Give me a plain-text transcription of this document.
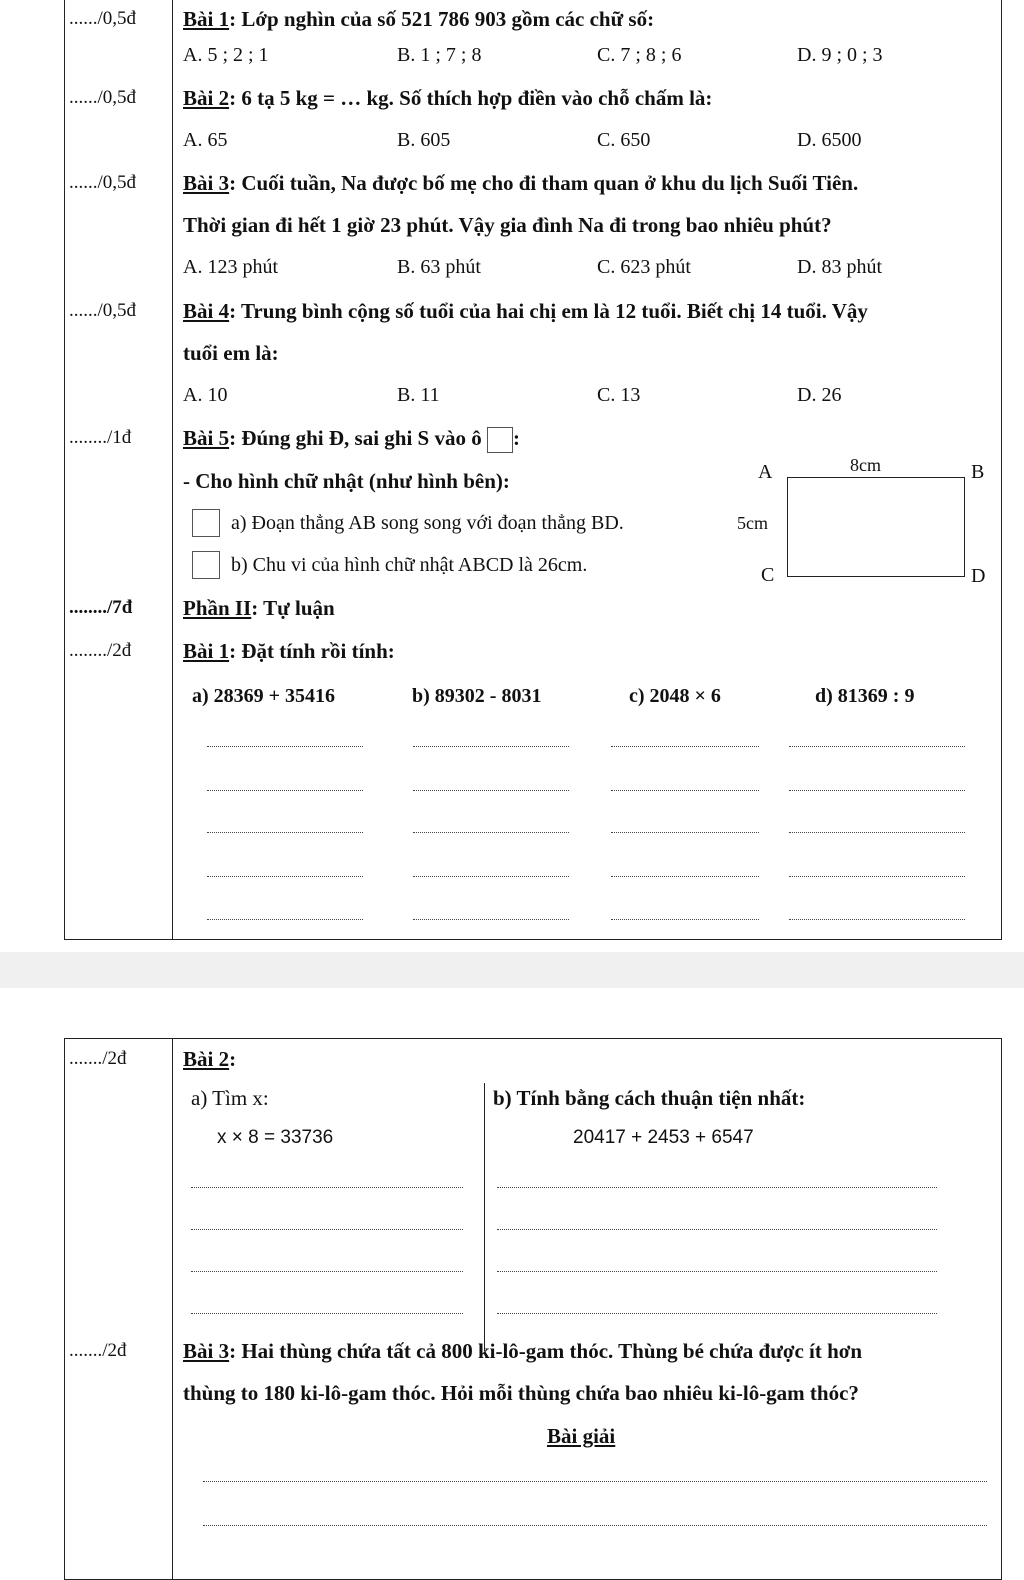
....../0,5đ	Bài 1: Lớp nghìn của số 521 786 903 gồm các chữ số:
A. 5 ; 2 ; 1	B. 1 ; 7 ; 8	C. 7 ; 8 ; 6	D. 9 ; 0 ; 3
....../0,5đ	Bài 2: 6 tạ 5 kg = … kg. Số thích hợp điền vào chỗ chấm là:
A. 65	B. 605	C. 650	D. 6500
....../0,5đ	Bài 3: Cuối tuần, Na được bố mẹ cho đi tham quan ở khu du lịch Suối Tiên.
Thời gian đi hết 1 giờ 23 phút. Vậy gia đình Na đi trong bao nhiêu phút?
A. 123 phút	B. 63 phút	C. 623 phút	D. 83 phút
....../0,5đ	Bài 4: Trung bình cộng số tuổi của hai chị em là 12 tuổi. Biết chị 14 tuổi. Vậy
tuổi em là:
A. 10	B. 11	C. 13	D. 26
......../1đ	Bài 5: Đúng ghi Đ, sai ghi S vào ô :
- Cho hình chữ nhật (như hình bên):
a) Đoạn thẳng AB song song với đoạn thẳng BD.
b) Chu vi của hình chữ nhật ABCD là 26cm.
A	B
C	D
8cm
5cm
......../7đ	Phần II: Tự luận
......../2đ	Bài 1: Đặt tính rồi tính:
a) 28369 + 35416	b) 89302 - 8031	c) 2048 × 6	d) 81369 : 9
......./2đ	Bài 2:
a) Tìm x:	b) Tính bằng cách thuận tiện nhất:
x × 8 = 33736	20417 + 2453 + 6547
......./2đ	Bài 3: Hai thùng chứa tất cả 800 ki-lô-gam thóc. Thùng bé chứa được ít hơn
thùng to 180 ki-lô-gam thóc. Hỏi mỗi thùng chứa bao nhiêu ki-lô-gam thóc?
Bài giải
